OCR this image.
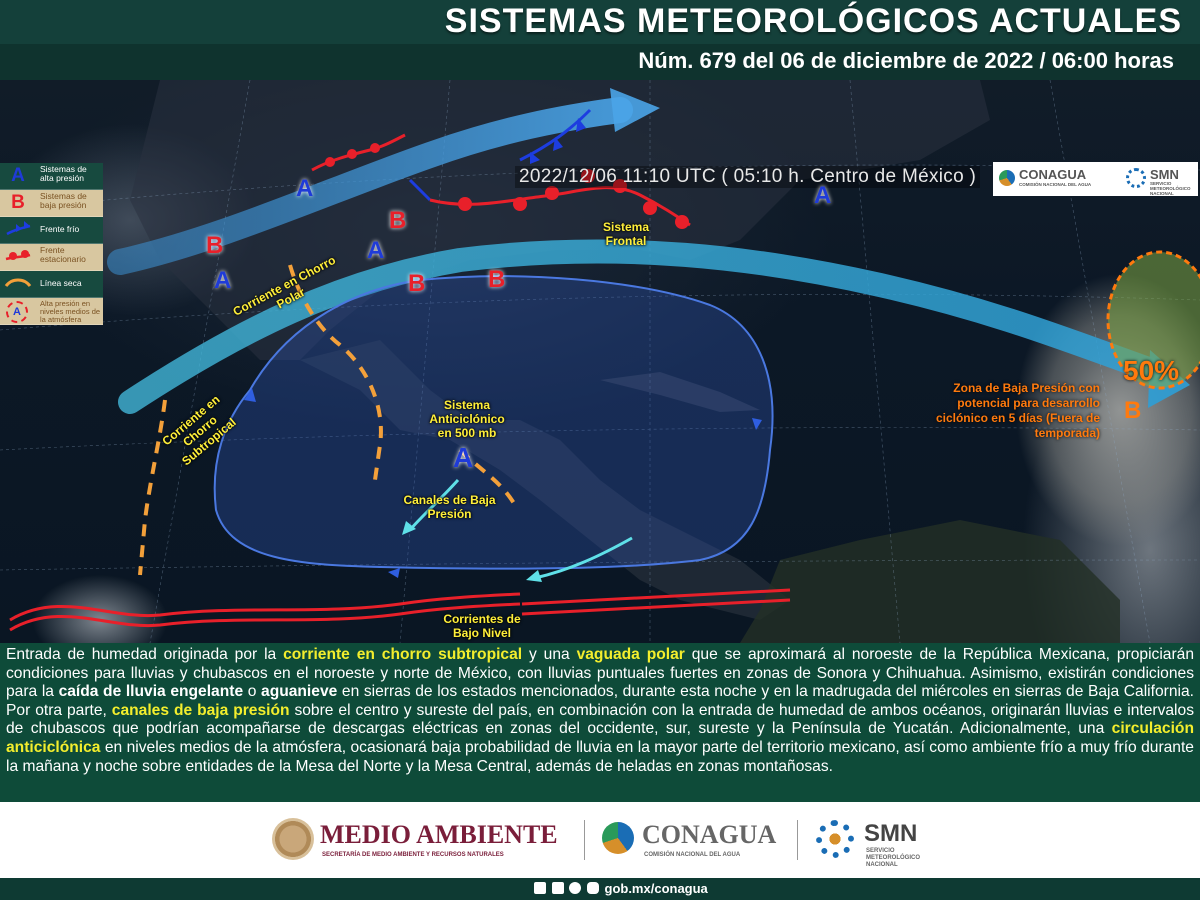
SISTEMAS METEOROLÓGICOS ACTUALES
Núm. 679 del 06 de diciembre de 2022 / 06:00 horas
2022/12/06 11:10 UTC ( 05:10 h. Centro de México )	CONAGUA
COMISIÓN NACIONAL DEL AGUA
SMN
SERVICIO METEOROLÓGICO NACIONAL
A	Sistemas de alta presión
B	Sistemas de baja presión
Frente frío
Frente estacionario
Línea seca
A
Alta presión en niveles medios de la atmósfera
A
A
A
A
A
B
B
B	B
B
Corriente en Chorro Polar
Corriente en Chorro Subtropical
Sistema Frontal
Sistema Anticiclónico en 500 mb
Canales de Baja Presión
Corrientes de Bajo Nivel
Zona de Baja Presión con potencial para desarrollo ciclónico en 5 días (Fuera de temporada)
50%

Entrada de humedad originada por la corriente en chorro subtropical y una vaguada polar que se aproximará al noroeste de la República Mexicana, propiciarán condiciones para lluvias y chubascos en el noroeste y norte de México, con lluvias puntuales fuertes en zonas de Sonora y Chihuahua. Asimismo, existirán condiciones para la caída de lluvia engelante o aguanieve en sierras de los estados mencionados, durante esta noche y en la madrugada del miércoles en sierras de Baja California. Por otra parte, canales de baja presión sobre el centro y sureste del país, en combinación con la entrada de humedad de ambos océanos, originarán lluvias e intervalos de chubascos que podrían acompañarse de descargas eléctricas en zonas del occidente, sur, sureste y la Península de Yucatán. Adicionalmente, una circulación anticiclónica en niveles medios de la atmósfera, ocasionará baja probabilidad de lluvia en la mayor parte del territorio mexicano, así como ambiente frío a muy frío durante la mañana y noche sobre entidades de la Mesa del Norte y la Mesa Central, además de heladas en zonas montañosas.

MEDIO AMBIENTE
SECRETARÍA DE MEDIO AMBIENTE Y RECURSOS NATURALES
CONAGUA
COMISIÓN NACIONAL DEL AGUA
SMN
SERVICIO METEOROLÓGICO NACIONAL
gob.mx/conagua
